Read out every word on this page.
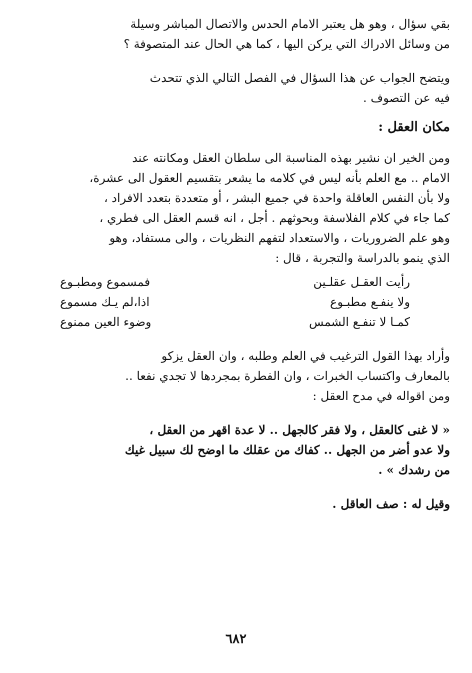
بقي سؤال ، وهو هل يعتبر الامام الحدس والاتصال المباشر وسيلة
من وسائل الادراك التي يركن اليها ، كما هي الحال عند المتصوفة ؟
ويتضح الجواب عن هذا السؤال في الفصل التالي الذي تتحدث
فيه عن التصوف .

مكان العقل :

ومن الخير ان نشير بهذه المناسبة الى سلطان العقل ومكانته عند
الامام .. مع العلم بأنه ليس في كلامه ما يشعر بتقسيم العقول الى عشرة،
ولا بأن النفس العاقلة واحدة في جميع البشر ، أو متعددة بتعدد الافراد ،
كما جاء في كلام الفلاسفة وبحوثهم . أجل ، انه قسم العقل الى فطري ،
وهو علم الضروريات ، والاستعداد لتفهم النظريات ، والى مستفاد، وهو
الذي ينمو بالدراسة والتجربة ، قال :
رأيت العقـل عقلـين
فمسموع ومطبـوع
ولا ينفـع مطبـوع
اذا،لم يـك مسموع
كمـا لا تنفـع الشمس
وضوء العين ممنوع
وأراد بهذا القول الترغيب في العلم وطلبه ، وان العقل يزكو
بالمعارف واكتساب الخبرات ، وان الفطرة بمجردها لا تجدي نفعا ..
ومن اقواله في مدح العقل :
« لا غنى كالعقل ، ولا فقر كالجهل .. لا عدة اقهر من العقل ،
ولا عدو أضر من الجهل .. كفاك من عقلك ما اوضح لك سبيل غيك
من رشدك » .

وقيل له : صف العاقل .

٦٨٢
